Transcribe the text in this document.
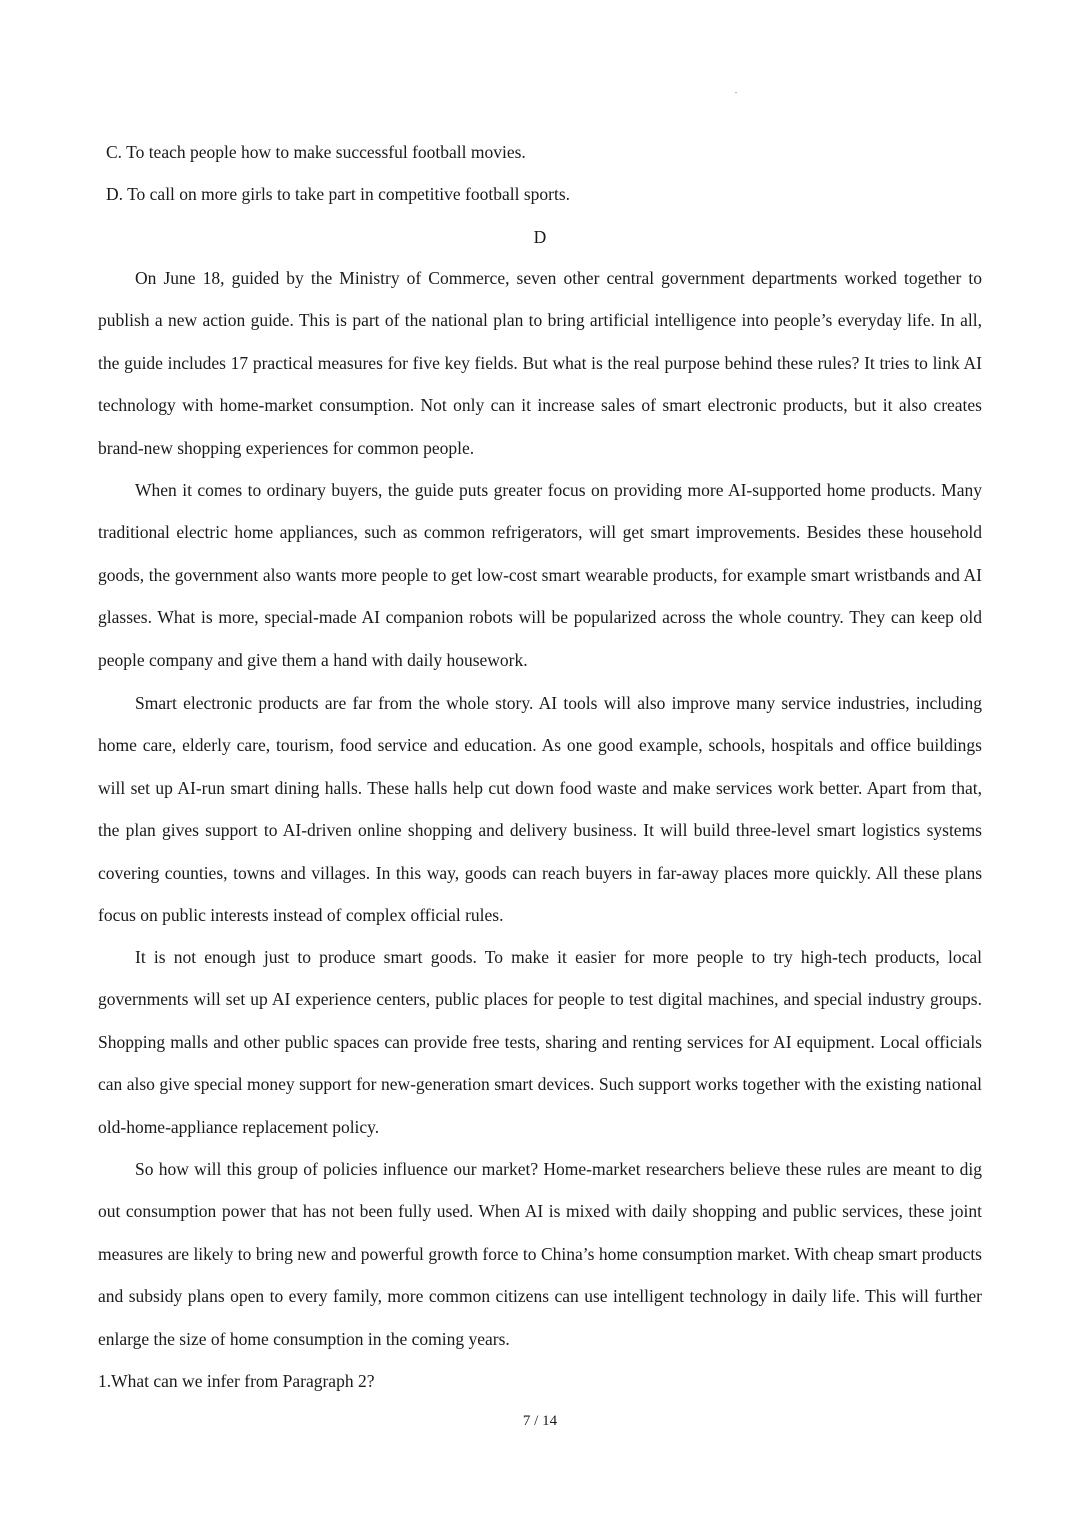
C. To teach people how to make successful football movies.
D. To call on more girls to take part in competitive football sports.
D

On June 18, guided by the Ministry of Commerce, seven other central government departments worked together to publish a new action guide. This is part of the national plan to bring artificial intelligence into people’s everyday life. In all, the guide includes 17 practical measures for five key fields. But what is the real purpose behind these rules? It tries to link AI technology with home-market consumption. Not only can it increase sales of smart electronic products, but it also creates brand-new shopping experiences for common people.

When it comes to ordinary buyers, the guide puts greater focus on providing more AI-supported home products. Many traditional electric home appliances, such as common refrigerators, will get smart improvements. Besides these household goods, the government also wants more people to get low-cost smart wearable products, for example smart wristbands and AI glasses. What is more, special-made AI companion robots will be popularized across the whole country. They can keep old people company and give them a hand with daily housework.

Smart electronic products are far from the whole story. AI tools will also improve many service industries, including home care, elderly care, tourism, food service and education. As one good example, schools, hospitals and office buildings will set up AI-run smart dining halls. These halls help cut down food waste and make services work better. Apart from that, the plan gives support to AI-driven online shopping and delivery business. It will build three-level smart logistics systems covering counties, towns and villages. In this way, goods can reach buyers in far-away places more quickly. All these plans focus on public interests instead of complex official rules.

It is not enough just to produce smart goods. To make it easier for more people to try high-tech products, local governments will set up AI experience centers, public places for people to test digital machines, and special industry groups. Shopping malls and other public spaces can provide free tests, sharing and renting services for AI equipment. Local officials can also give special money support for new-generation smart devices. Such support works together with the existing national old-home-appliance replacement policy.

So how will this group of policies influence our market? Home-market researchers believe these rules are meant to dig out consumption power that has not been fully used. When AI is mixed with daily shopping and public services, these joint measures are likely to bring new and powerful growth force to China’s home consumption market. With cheap smart products and subsidy plans open to every family, more common citizens can use intelligent technology in daily life. This will further enlarge the size of home consumption in the coming years.

1.What can we infer from Paragraph 2?
7 / 14
